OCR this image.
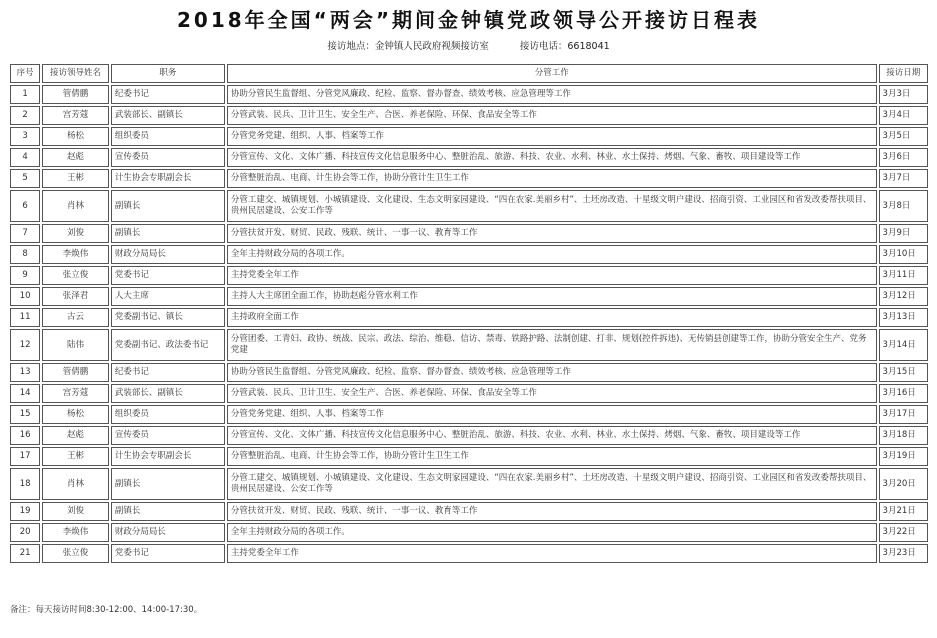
2018年全国“两会”期间金钟镇党政领导公开接访日程表
接访地点：金钟镇人民政府视频接访室	接访电话：6618041
序号	接访领导姓名	职务	分管工作	接访日期
1	管倩鹏	纪委书记	协助分管民生监督组、分管党风廉政、纪检、监察、督办督查、绩效考核、应急管理等工作	3月3日
2	宫芳蔻	武装部长、副镇长	分管武装、民兵、卫计卫生、安全生产、合医、养老保险、环保、食品安全等工作	3月4日
3	杨松	组织委员	分管党务党建、组织、人事、档案等工作	3月5日
4	赵彪	宣传委员	分管宣传、文化、文体广播、科技宣传文化信息服务中心、整脏治乱、旅游、科技、农业、水利、林业、水土保持、烤烟、气象、畜牧、项目建设等工作	3月6日
5	王彬	计生协会专职副会长	分管整脏治乱、电商、计生协会等工作，协助分管计生卫生工作	3月7日
6	肖林	副镇长	分管工建交、城镇规划、小城镇建设、文化建设、生态文明家园建设、“四在农家.美丽乡村”、土坯房改造、十星级文明户建设、招商引资、工业园区和省发改委帮扶项目、贵州民居建设、公安工作等	3月8日
7	刘俊	副镇长	分管扶贫开发、财贸、民政、残联、统计、一事一议、教育等工作	3月9日
8	李焕伟	财政分局局长	全年主持财政分局的各项工作。	3月10日
9	张立俊	党委书记	主持党委全年工作	3月11日
10	张泽君	人大主席	主持人大主席团全面工作，协助赵彪分管水利工作	3月12日
11	古云	党委副书记、镇长	主持政府全面工作	3月13日
12	陆伟	党委副书记、政法委书记	分管团委、工青妇、政协、统战、民宗、政法、综治、维稳、信访、禁毒、铁路护路、法制创建、打非、规划(控件拆违)、无传销县创建等工作，协助分管安全生产、党务党建	3月14日
13	管倩鹏	纪委书记	协助分管民生监督组、分管党风廉政、纪检、监察、督办督查、绩效考核、应急管理等工作	3月15日
14	宫芳蔻	武装部长、副镇长	分管武装、民兵、卫计卫生、安全生产、合医、养老保险、环保、食品安全等工作	3月16日
15	杨松	组织委员	分管党务党建、组织、人事、档案等工作	3月17日
16	赵彪	宣传委员	分管宣传、文化、文体广播、科技宣传文化信息服务中心、整脏治乱、旅游、科技、农业、水利、林业、水土保持、烤烟、气象、畜牧、项目建设等工作	3月18日
17	王彬	计生协会专职副会长	分管整脏治乱、电商、计生协会等工作，协助分管计生卫生工作	3月19日
18	肖林	副镇长	分管工建交、城镇规划、小城镇建设、文化建设、生态文明家园建设、“四在农家.美丽乡村”、土坯房改造、十星级文明户建设、招商引资、工业园区和省发改委帮扶项目、贵州民居建设、公安工作等	3月20日
19	刘俊	副镇长	分管扶贫开发、财贸、民政、残联、统计、一事一议、教育等工作	3月21日
20	李焕伟	财政分局局长	全年主持财政分局的各项工作。	3月22日
21	张立俊	党委书记	主持党委全年工作	3月23日
备注：每天接访时间8:30-12:00、14:00-17:30。
